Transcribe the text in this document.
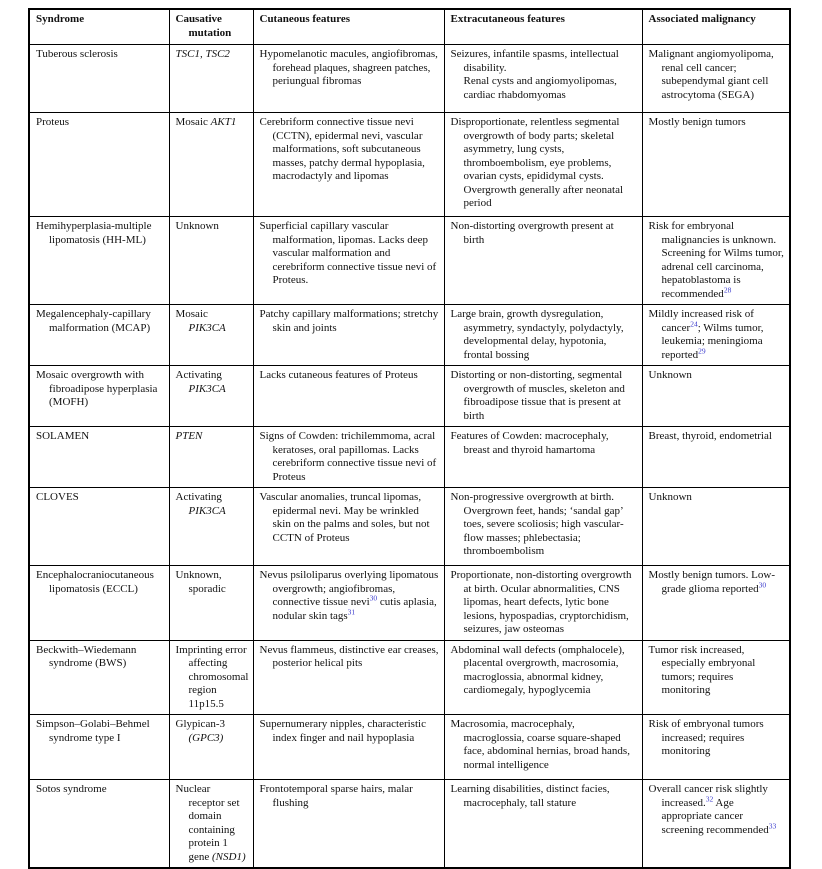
Syndrome	Causative mutation	Cutaneous features	Extracutaneous features	Associated malignancy

Tuberous sclerosis	TSC1, TSC2	Hypomelanotic macules, angiofibromas, forehead plaques, shagreen patches, periungual fibromas	Seizures, infantile spasms, intellectual disability.
Renal cysts and angiomyolipomas, cardiac rhabdomyomas	Malignant angiomyolipoma, renal cell cancer; subependymal giant cell astrocytoma (SEGA)

Proteus	Mosaic AKT1	Cerebriform connective tissue nevi (CCTN), epidermal nevi, vascular malformations, soft subcutaneous masses, patchy dermal hypoplasia, macrodactyly and lipomas	Disproportionate, relentless segmental overgrowth of body parts; skeletal asymmetry, lung cysts, thromboembolism, eye problems, ovarian cysts, epididymal cysts.
Overgrowth generally after neonatal period	Mostly benign tumors

Hemihyperplasia-multiple lipomatosis (HH-ML)	Unknown	Superficial capillary vascular malformation, lipomas. Lacks deep vascular malformation and cerebriform connective tissue nevi of Proteus.	Non-distorting overgrowth present at birth	Risk for embryonal malignancies is unknown. Screening for Wilms tumor, adrenal cell carcinoma, hepatoblastoma is recommended$^{28}$

Megalencephaly-capillary malformation (MCAP)	Mosaic PIK3CA	Patchy capillary malformations; stretchy skin and joints	Large brain, growth dysregulation, asymmetry, syndactyly, polydactyly, developmental delay, hypotonia, frontal bossing	Mildly increased risk of cancer$^{24}$; Wilms tumor, leukemia; meningioma reported$^{29}$

Mosaic overgrowth with fibroadipose hyperplasia (MOFH)	Activating PIK3CA	Lacks cutaneous features of Proteus	Distorting or non-distorting, segmental overgrowth of muscles, skeleton and fibroadipose tissue that is present at birth	Unknown

SOLAMEN	PTEN	Signs of Cowden: trichilemmoma, acral keratoses, oral papillomas. Lacks cerebriform connective tissue nevi of Proteus	Features of Cowden: macrocephaly, breast and thyroid hamartoma	Breast, thyroid, endometrial

CLOVES	Activating PIK3CA	Vascular anomalies, truncal lipomas, epidermal nevi. May be wrinkled skin on the palms and soles, but not CCTN of Proteus	Non-progressive overgrowth at birth.
Overgrown feet, hands; ‘sandal gap’ toes, severe scoliosis; high vascular-flow masses; phlebectasia; thromboembolism	Unknown

Encephalocraniocutaneous lipomatosis (ECCL)	Unknown, sporadic	Nevus psiloliparus overlying lipomatous overgrowth; angiofibromas, connective tissue nevi$^{30}$ cutis aplasia, nodular skin tags$^{31}$	Proportionate, non-distorting overgrowth at birth. Ocular abnormalities, CNS lipomas, heart defects, lytic bone lesions, hypospadias, cryptorchidism, seizures, jaw osteomas	Mostly benign tumors. Low-grade glioma reported$^{30}$

Beckwith–Wiedemann syndrome (BWS)	Imprinting error affecting chromosomal region 11p15.5	Nevus flammeus, distinctive ear creases, posterior helical pits	Abdominal wall defects (omphalocele), placental overgrowth, macrosomia, macroglossia, abnormal kidney, cardiomegaly, hypoglycemia	Tumor risk increased, especially embryonal tumors; requires monitoring

Simpson–Golabi–Behmel syndrome type I	Glypican-3 (GPC3)	Supernumerary nipples, characteristic index finger and nail hypoplasia	Macrosomia, macrocephaly, macroglossia, coarse square-shaped face, abdominal hernias, broad hands, normal intelligence	Risk of embryonal tumors increased; requires monitoring

Sotos syndrome	Nuclear receptor set domain containing protein 1 gene (NSD1)	Frontotemporal sparse hairs, malar flushing	Learning disabilities, distinct facies, macrocephaly, tall stature	Overall cancer risk slightly increased.$^{32}$ Age appropriate cancer screening recommended$^{33}$
